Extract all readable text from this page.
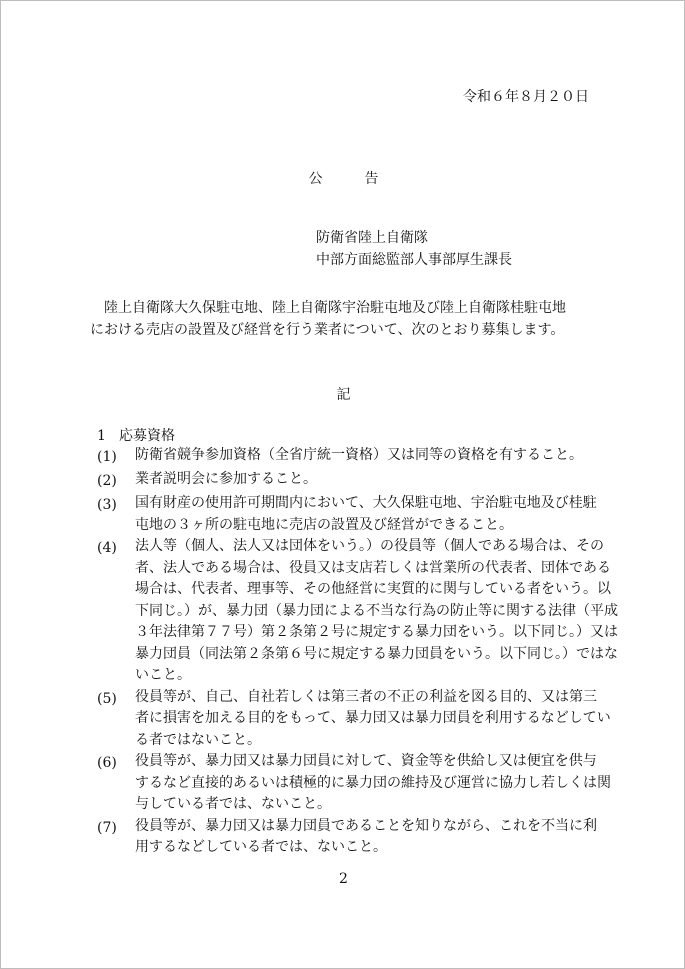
令和６年８月２０日
公	告
防衛省陸上自衛隊
中部方面総監部人事部厚生課長
陸上自衛隊大久保駐屯地、陸上自衛隊宇治駐屯地及び陸上自衛隊桂駐屯地
における売店の設置及び経営を行う業者について、次のとおり募集します。
記
1 応募資格
(1)	防衛省競争参加資格（全省庁統一資格）又は同等の資格を有すること。
(2)	業者説明会に参加すること。
(3)	国有財産の使用許可期間内において、大久保駐屯地、宇治駐屯地及び桂駐
屯地の３ヶ所の駐屯地に売店の設置及び経営ができること。
(4)	法人等（個人、法人又は団体をいう。）の役員等（個人である場合は、その
者、法人である場合は、役員又は支店若しくは営業所の代表者、団体である
場合は、代表者、理事等、その他経営に実質的に関与している者をいう。以
下同じ。）が、暴力団（暴力団による不当な行為の防止等に関する法律（平成
３年法律第７７号）第２条第２号に規定する暴力団をいう。以下同じ。）又は
暴力団員（同法第２条第６号に規定する暴力団員をいう。以下同じ。）ではな
いこと。
(5)	役員等が、自己、自社若しくは第三者の不正の利益を図る目的、又は第三
者に損害を加える目的をもって、暴力団又は暴力団員を利用するなどしてい
る者ではないこと。
(6)	役員等が、暴力団又は暴力団員に対して、資金等を供給し又は便宜を供与
するなど直接的あるいは積極的に暴力団の維持及び運営に協力し若しくは関
与している者では、ないこと。
(7)	役員等が、暴力団又は暴力団員であることを知りながら、これを不当に利
用するなどしている者では、ないこと。
2
